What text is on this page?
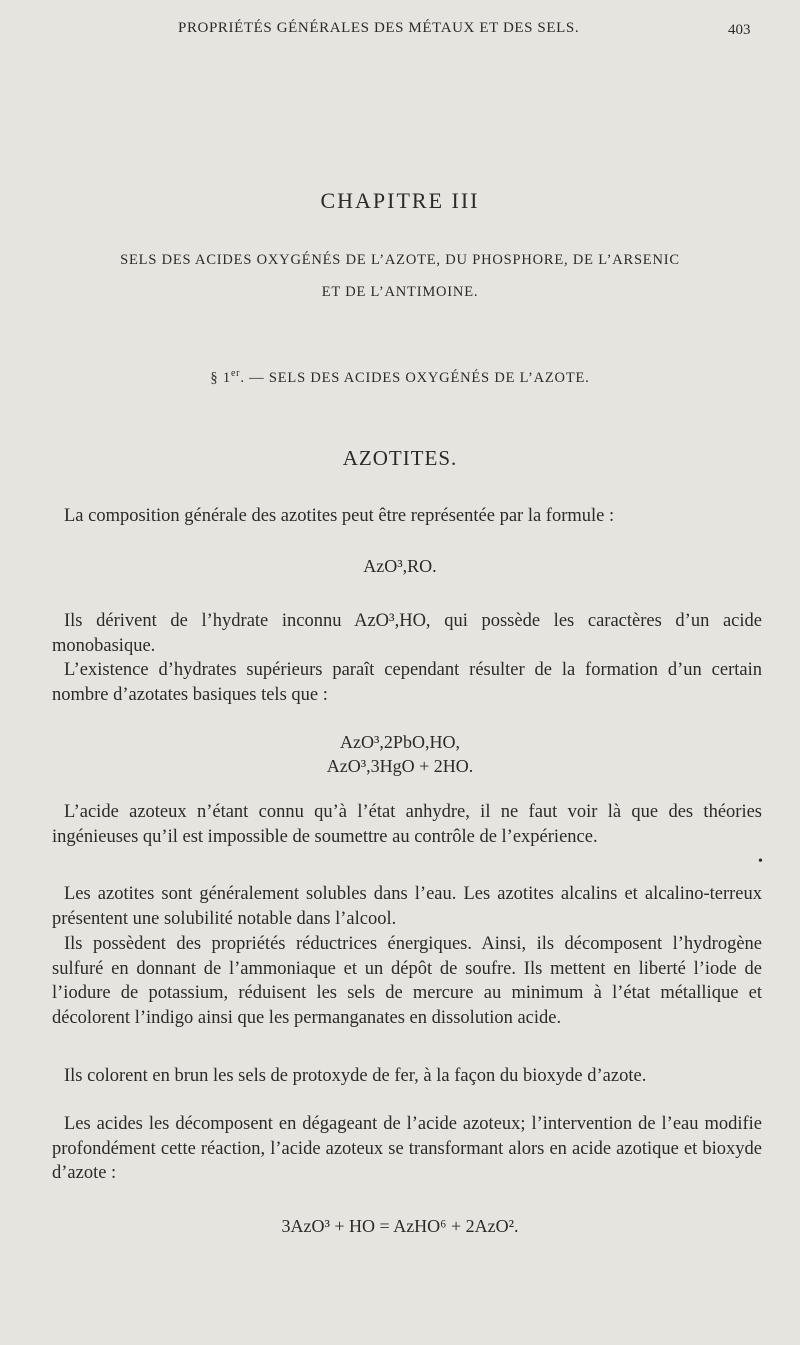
PROPRIÉTÉS GÉNÉRALES DES MÉTAUX ET DES SELS.	403
CHAPITRE III
SELS DES ACIDES OXYGÉNÉS DE L’AZOTE, DU PHOSPHORE, DE L’ARSENIC
ET DE L’ANTIMOINE.
§ 1er. — SELS DES ACIDES OXYGÉNÉS DE L’AZOTE.
AZOTITES.
La composition générale des azotites peut être représentée par la formule :
AzO³,RO.
Ils dérivent de l’hydrate inconnu AzO³,HO, qui possède les caractères d’un acide monobasique.
L’existence d’hydrates supérieurs paraît cependant résulter de la formation d’un certain nombre d’azotates basiques tels que :
AzO³,2PbO,HO,
AzO³,3HgO + 2HO.
L’acide azoteux n’étant connu qu’à l’état anhydre, il ne faut voir là que des théories ingénieuses qu’il est impossible de soumettre au contrôle de l’expérience.
•
Les azotites sont généralement solubles dans l’eau. Les azotites alcalins et alcalino-terreux présentent une solubilité notable dans l’alcool.
Ils possèdent des propriétés réductrices énergiques. Ainsi, ils décomposent l’hydrogène sulfuré en donnant de l’ammoniaque et un dépôt de soufre. Ils mettent en liberté l’iode de l’iodure de potassium, réduisent les sels de mercure au minimum à l’état métallique et décolorent l’indigo ainsi que les permanganates en dissolution acide.
Ils colorent en brun les sels de protoxyde de fer, à la façon du bioxyde d’azote.
Les acides les décomposent en dégageant de l’acide azoteux; l’intervention de l’eau modifie profondément cette réaction, l’acide azoteux se transformant alors en acide azotique et bioxyde d’azote :
3AzO³ + HO = AzHO⁶ + 2AzO².
